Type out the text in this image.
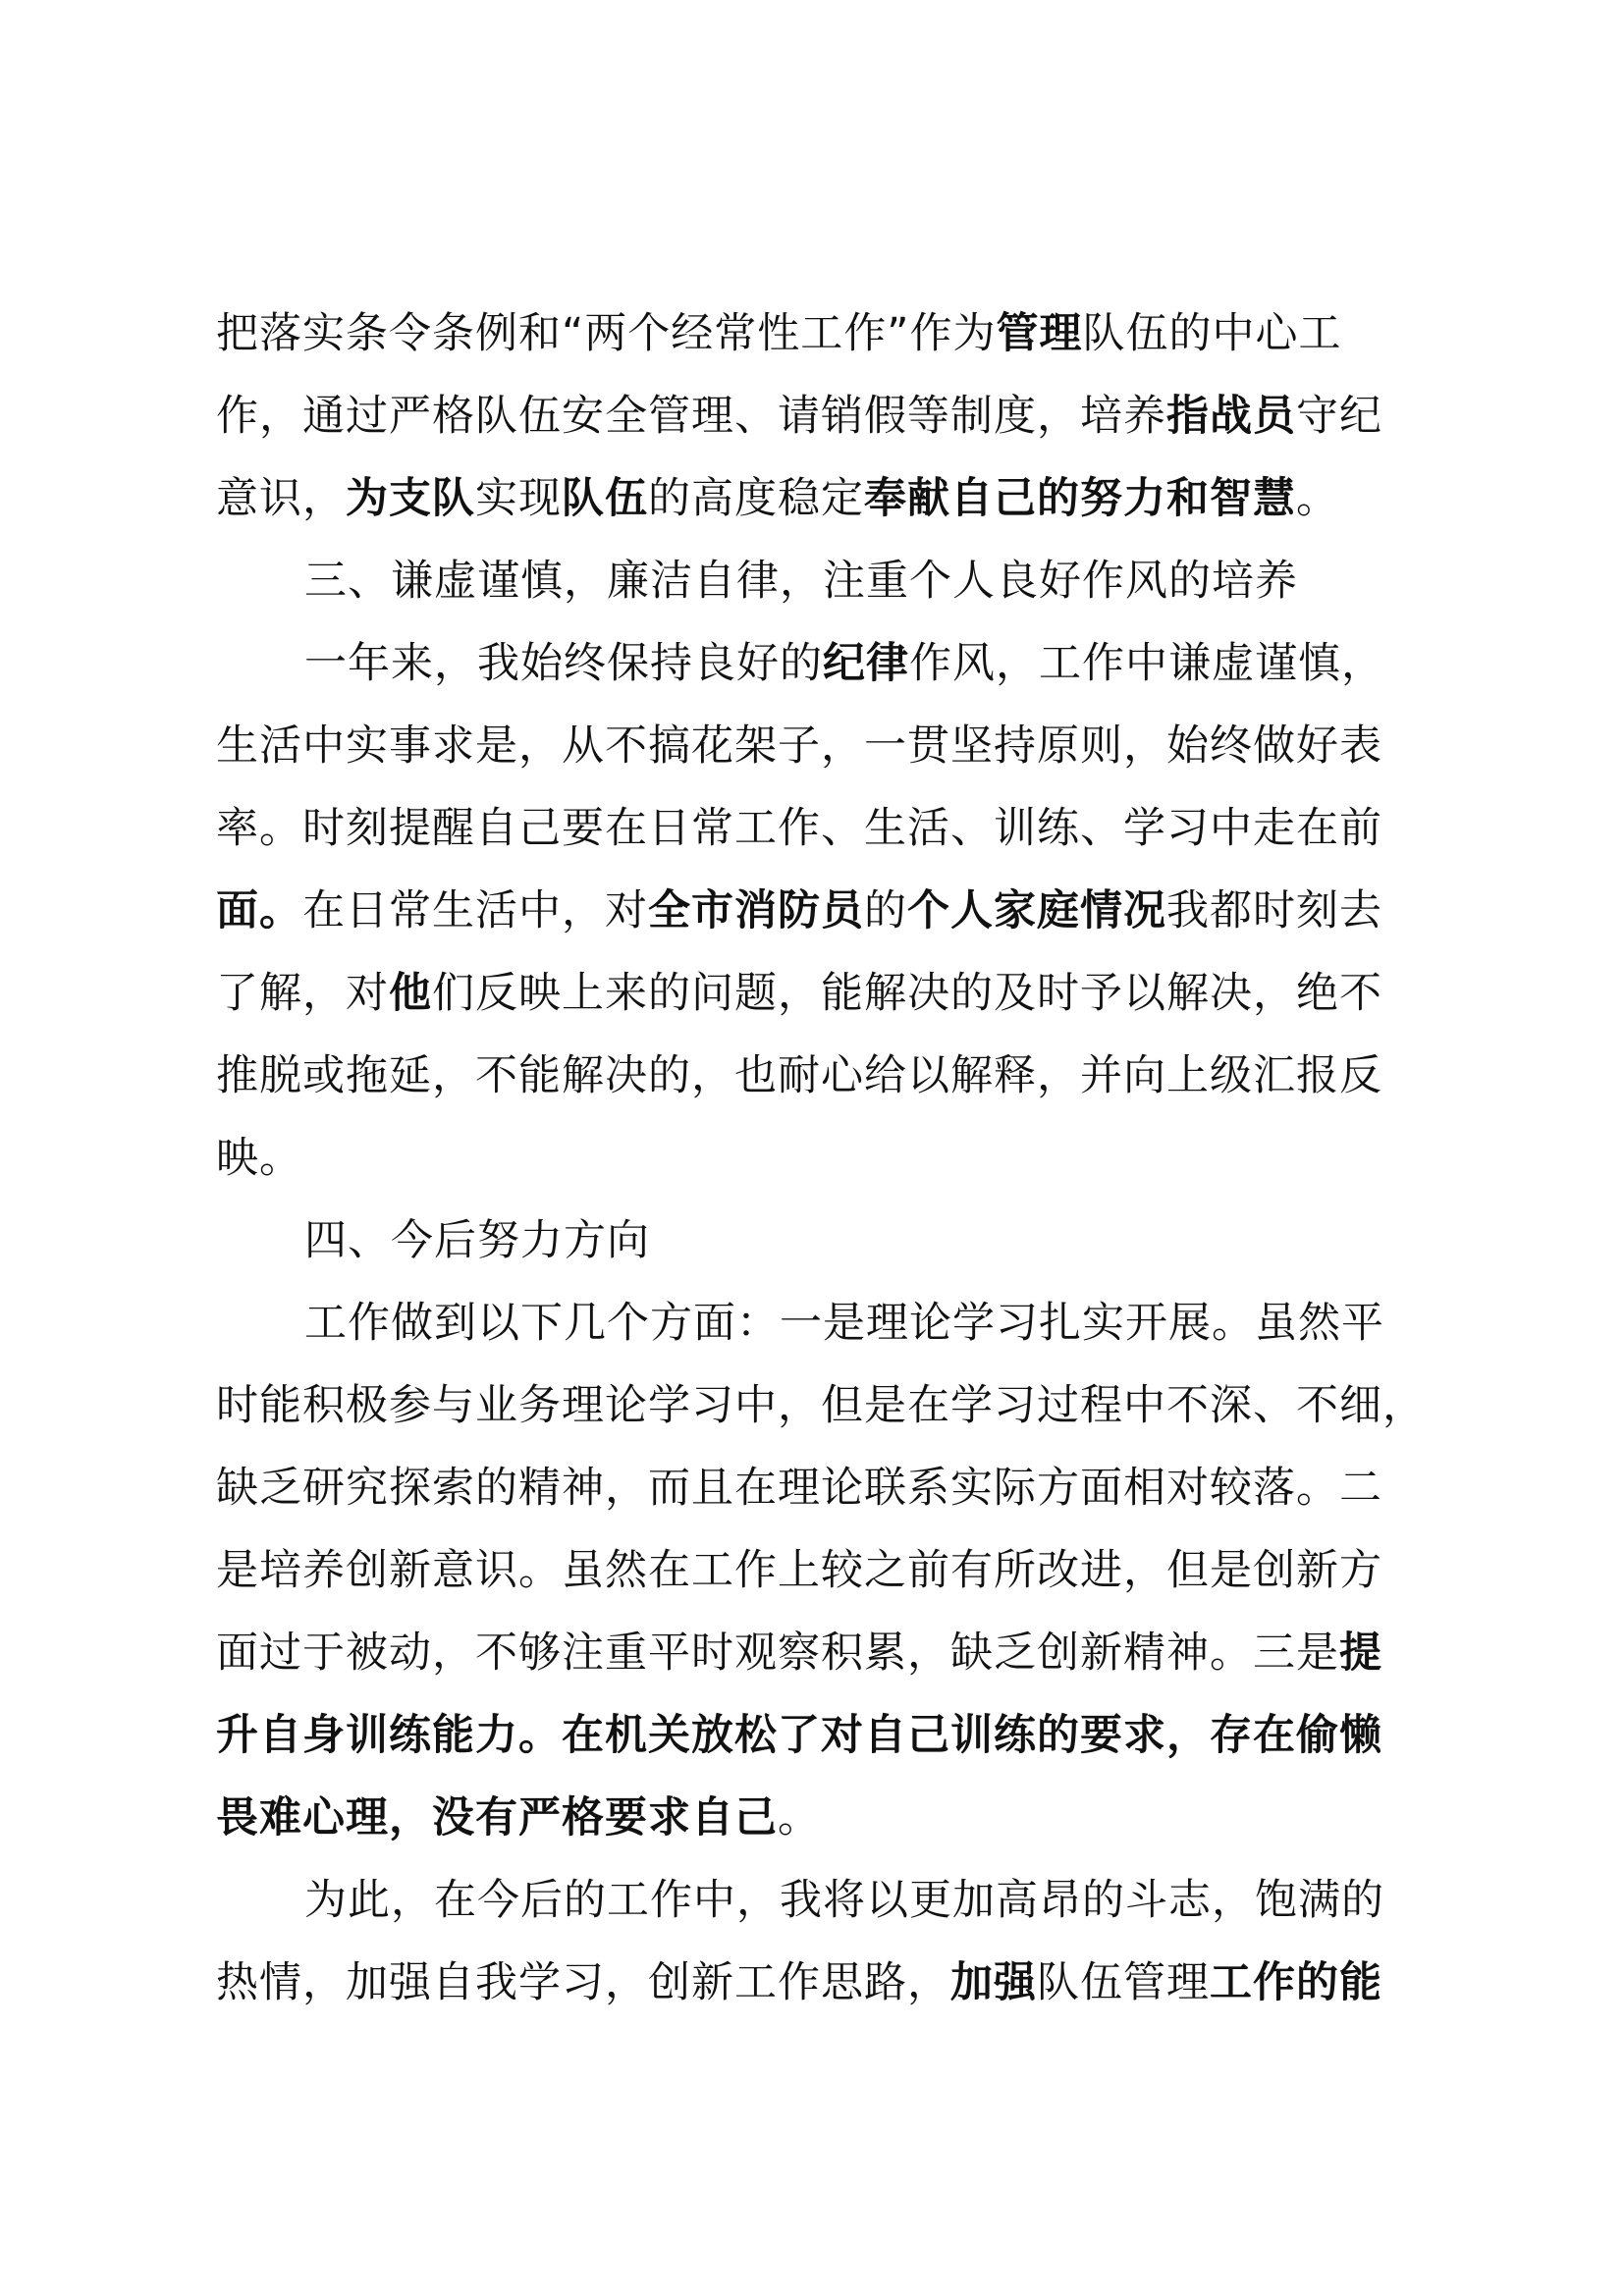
把落实条令条例和“两个经常性工作”作为管理队伍的中心工
作，通过严格队伍安全管理、请销假等制度，培养指战员守纪
意识，为支队实现队伍的高度稳定奉献自己的努力和智慧。
三、谦虚谨慎，廉洁自律，注重个人良好作风的培养
一年来，我始终保持良好的纪律作风，工作中谦虚谨慎，
生活中实事求是，从不搞花架子，一贯坚持原则，始终做好表
率。时刻提醒自己要在日常工作、生活、训练、学习中走在前
面。在日常生活中，对全市消防员的个人家庭情况我都时刻去
了解，对他们反映上来的问题，能解决的及时予以解决，绝不
推脱或拖延，不能解决的，也耐心给以解释，并向上级汇报反
映。
四、今后努力方向
工作做到以下几个方面：一是理论学习扎实开展。虽然平
时能积极参与业务理论学习中，但是在学习过程中不深、不细，
缺乏研究探索的精神，而且在理论联系实际方面相对较落。二
是培养创新意识。虽然在工作上较之前有所改进，但是创新方
面过于被动，不够注重平时观察积累，缺乏创新精神。三是提
升自身训练能力。在机关放松了对自己训练的要求，存在偷懒
畏难心理，没有严格要求自己。
为此，在今后的工作中，我将以更加高昂的斗志，饱满的
热情，加强自我学习，创新工作思路，加强队伍管理工作的能
